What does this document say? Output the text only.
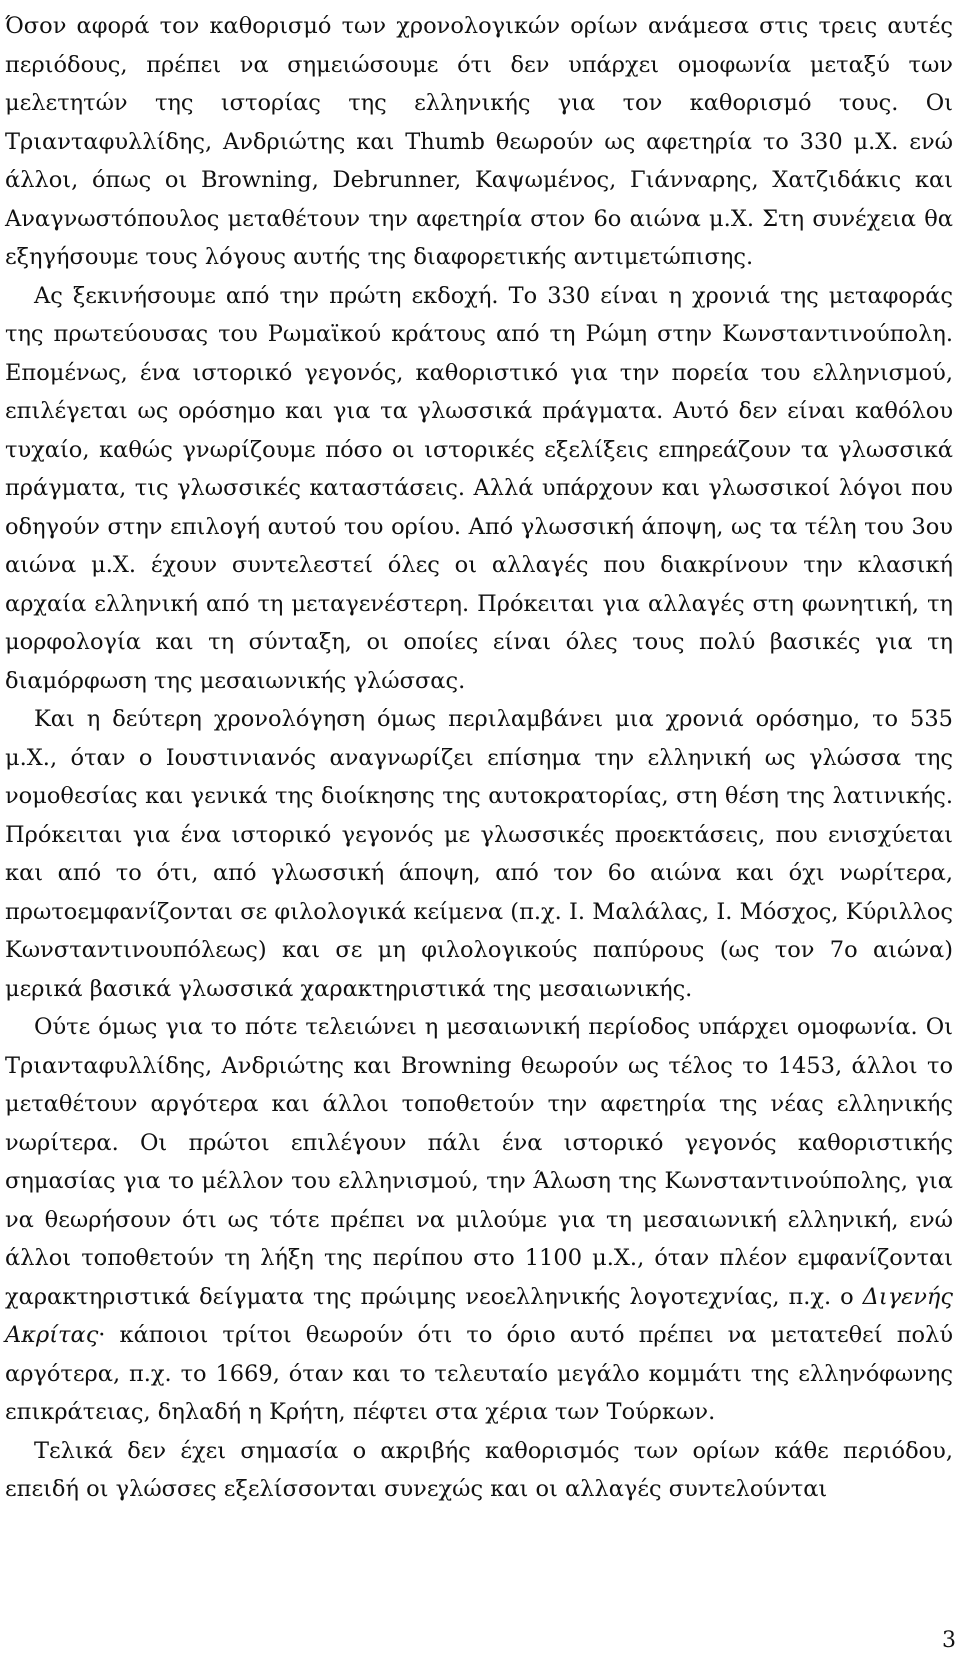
Όσον αφορά τον καθορισμό των χρονολογικών ορίων ανάμεσα στις τρεις αυτές περιόδους, πρέπει να σημειώσουμε ότι δεν υπάρχει ομοφωνία μεταξύ των μελετητών της ιστορίας της ελληνικής για τον καθορισμό τους. Οι Τριανταφυλλίδης, Ανδριώτης και Thumb θεωρούν ως αφετηρία το 330 μ.Χ. ενώ άλλοι, όπως οι Browning, Debrunner, Καψωμένος, Γιάνναρης, Χατζιδάκις και Αναγνωστόπουλος μεταθέτουν την αφετηρία στον 6ο αιώνα μ.Χ. Στη συνέχεια θα εξηγήσουμε τους λόγους αυτής της διαφορετικής αντιμετώπισης.

Ας ξεκινήσουμε από την πρώτη εκδοχή. Το 330 είναι η χρονιά της μεταφοράς της πρωτεύουσας του Ρωμαϊκού κράτους από τη Ρώμη στην Κωνσταντινούπολη. Επομένως, ένα ιστορικό γεγονός, καθοριστικό για την πορεία του ελληνισμού, επιλέγεται ως ορόσημο και για τα γλωσσικά πράγματα. Αυτό δεν είναι καθόλου τυχαίο, καθώς γνωρίζουμε πόσο οι ιστορικές εξελίξεις επηρεάζουν τα γλωσσικά πράγματα, τις γλωσσικές καταστάσεις. Αλλά υπάρχουν και γλωσσικοί λόγοι που οδηγούν στην επιλογή αυτού του ορίου. Από γλωσσική άποψη, ως τα τέλη του 3ου αιώνα μ.Χ. έχουν συντελεστεί όλες οι αλλαγές που διακρίνουν την κλασική αρχαία ελληνική από τη μεταγενέστερη. Πρόκειται για αλλαγές στη φωνητική, τη μορφολογία και τη σύνταξη, οι οποίες είναι όλες τους πολύ βασικές για τη διαμόρφωση της μεσαιωνικής γλώσσας.

Και η δεύτερη χρονολόγηση όμως περιλαμβάνει μια χρονιά ορόσημο, το 535 μ.Χ., όταν ο Ιουστινιανός αναγνωρίζει επίσημα την ελληνική ως γλώσσα της νομοθεσίας και γενικά της διοίκησης της αυτοκρατορίας, στη θέση της λατινικής. Πρόκειται για ένα ιστορικό γεγονός με γλωσσικές προεκτάσεις, που ενισχύεται και από το ότι, από γλωσσική άποψη, από τον 6ο αιώνα και όχι νωρίτερα, πρωτοεμφανίζονται σε φιλολογικά κείμενα (π.χ. Ι. Μαλάλας, Ι. Μόσχος, Κύριλλος Κωνσταντινουπόλεως) και σε μη φιλολογικούς παπύρους (ως τον 7ο αιώνα) μερικά βασικά γλωσσικά χαρακτηριστικά της μεσαιωνικής.

Ούτε όμως για το πότε τελειώνει η μεσαιωνική περίοδος υπάρχει ομοφωνία. Οι Τριανταφυλλίδης, Ανδριώτης και Browning θεωρούν ως τέλος το 1453, άλλοι το μεταθέτουν αργότερα και άλλοι τοποθετούν την αφετηρία της νέας ελληνικής νωρίτερα. Οι πρώτοι επιλέγουν πάλι ένα ιστορικό γεγονός καθοριστικής σημασίας για το μέλλον του ελληνισμού, την Άλωση της Κωνσταντινούπολης, για να θεωρήσουν ότι ως τότε πρέπει να μιλούμε για τη μεσαιωνική ελληνική, ενώ άλλοι τοποθετούν τη λήξη της περίπου στο 1100 μ.Χ., όταν πλέον εμφανίζονται χαρακτηριστικά δείγματα της πρώιμης νεοελληνικής λογοτεχνίας, π.χ. ο Διγενής Ακρίτας· κάποιοι τρίτοι θεωρούν ότι το όριο αυτό πρέπει να μετατεθεί πολύ αργότερα, π.χ. το 1669, όταν και το τελευταίο μεγάλο κομμάτι της ελληνόφωνης επικράτειας, δηλαδή η Κρήτη, πέφτει στα χέρια των Τούρκων.

Τελικά δεν έχει σημασία ο ακριβής καθορισμός των ορίων κάθε περιόδου, επειδή οι γλώσσες εξελίσσονται συνεχώς και οι αλλαγές συντελούνται

3
